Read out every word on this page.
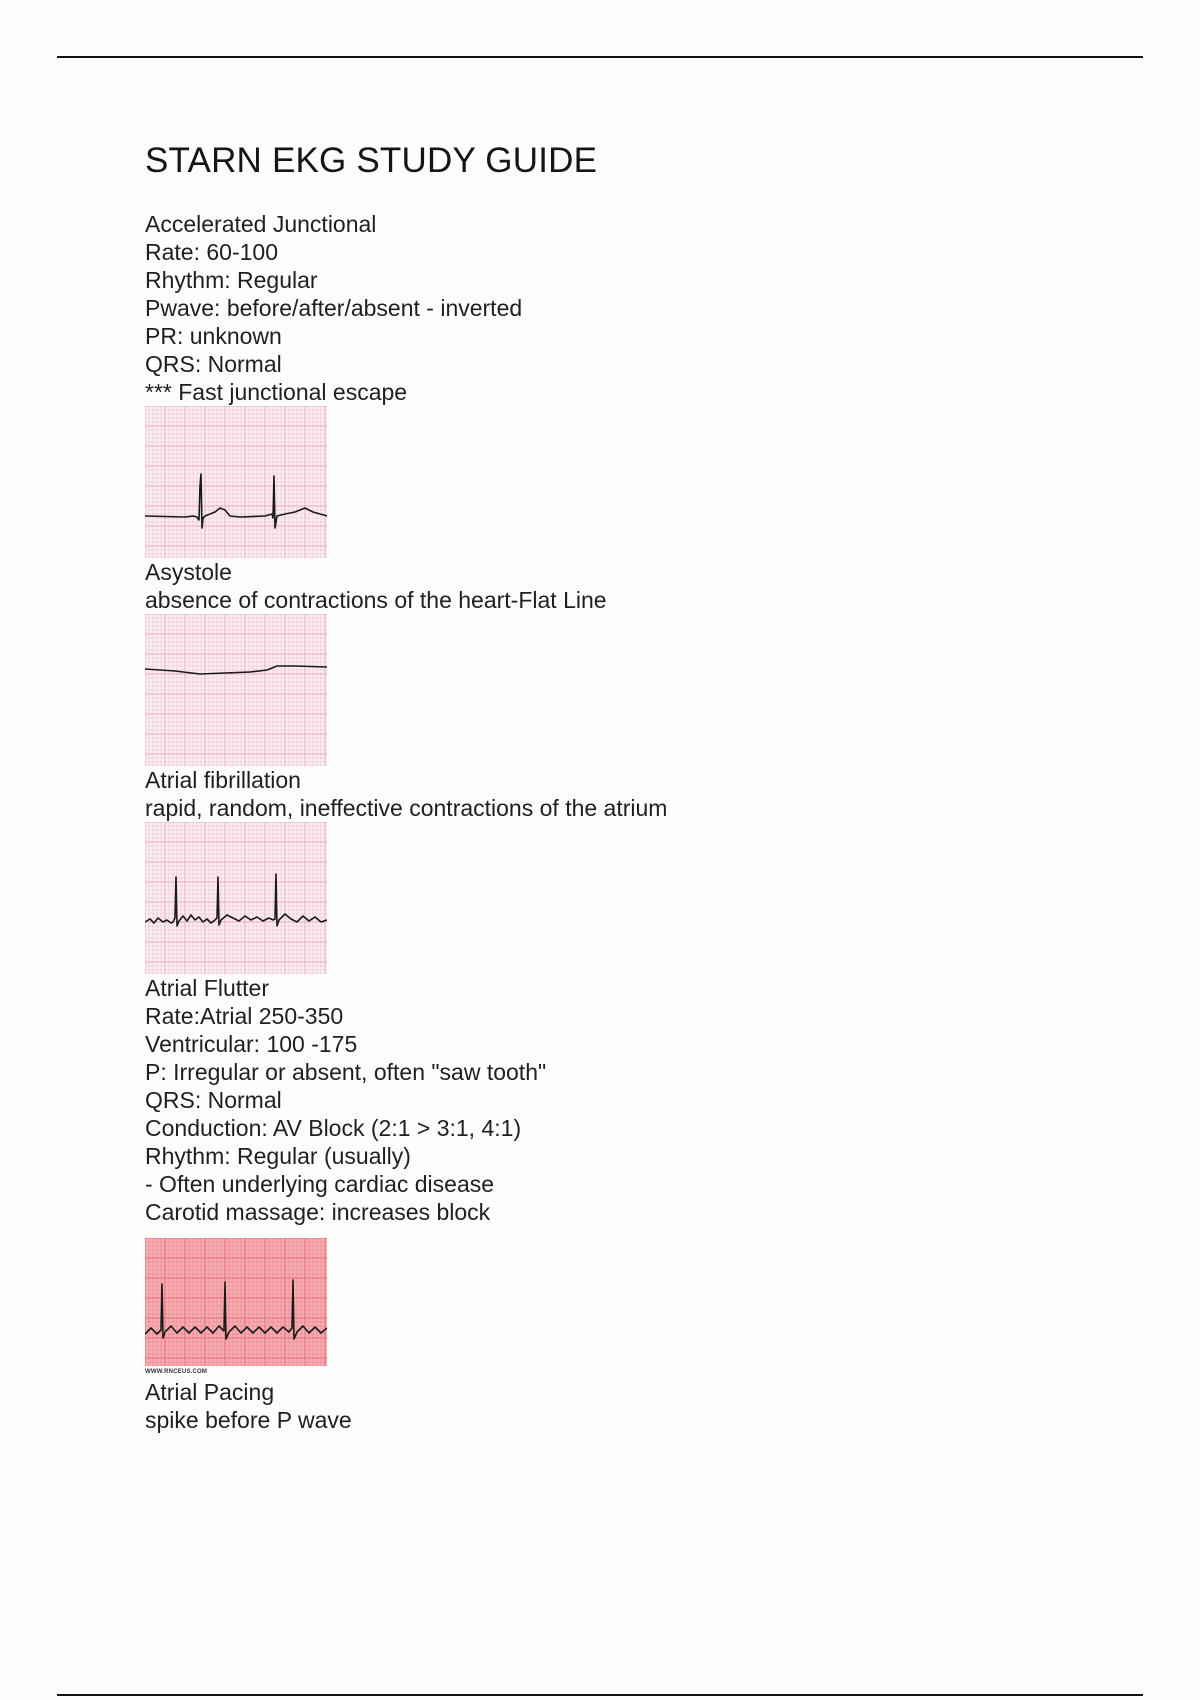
STARN EKG STUDY GUIDE
Accelerated Junctional
Rate: 60-100
Rhythm: Regular
Pwave: before/after/absent - inverted
PR: unknown
QRS: Normal
*** Fast junctional escape
Asystole
absence of contractions of the heart-Flat Line
Atrial fibrillation
rapid, random, ineffective contractions of the atrium
Atrial Flutter
Rate:Atrial 250-350
Ventricular: 100 -175
P: Irregular or absent, often "saw tooth"
QRS: Normal
Conduction: AV Block (2:1 > 3:1, 4:1)
Rhythm: Regular (usually)
- Often underlying cardiac disease
Carotid massage: increases block
WWW.RNCEUS.COM
Atrial Pacing
spike before P wave
